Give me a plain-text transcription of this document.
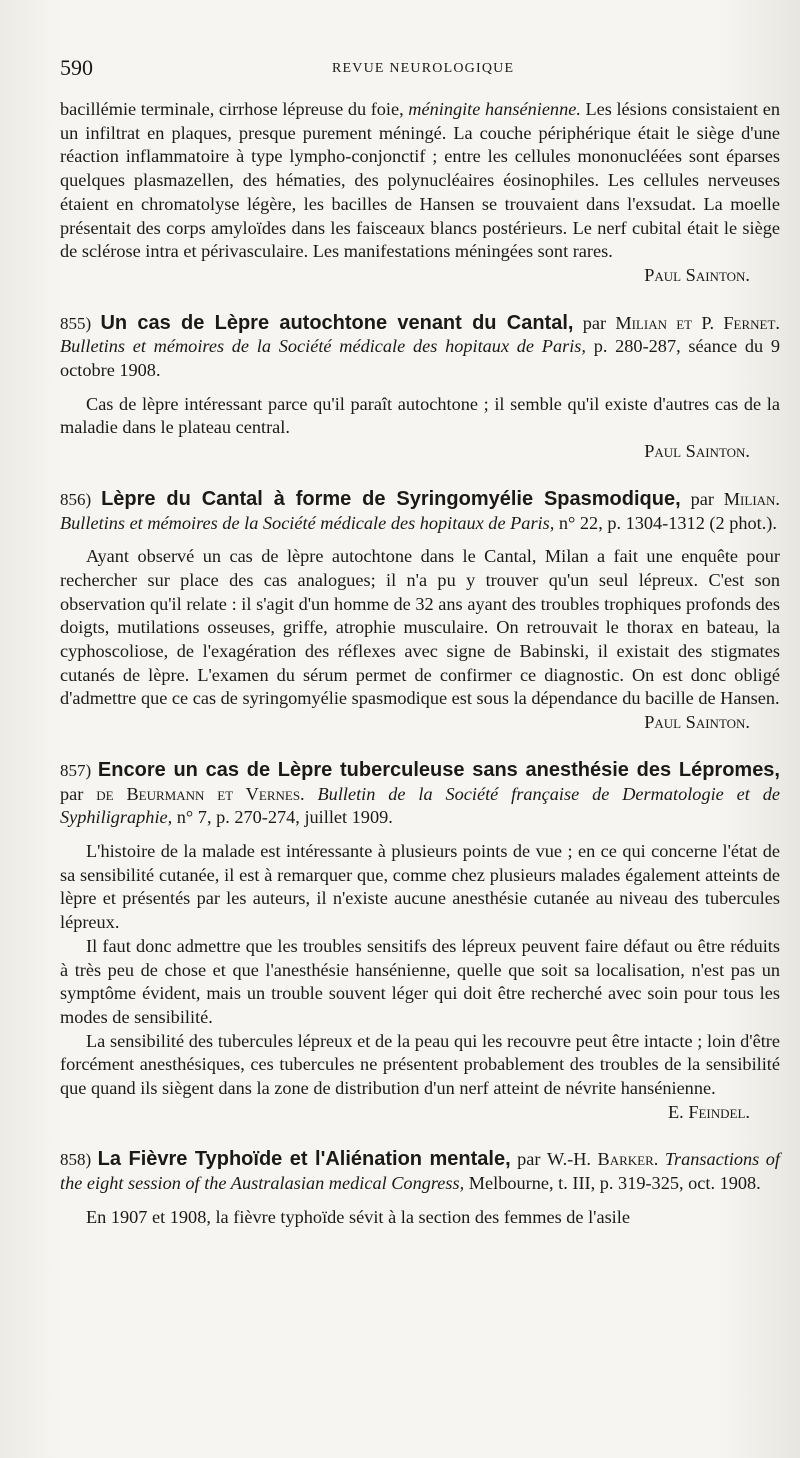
590	REVUE NEUROLOGIQUE

bacillémie terminale, cirrhose lépreuse du foie, méningite hansénienne. Les lésions consistaient en un infiltrat en plaques, presque purement méningé. La couche périphérique était le siège d'une réaction inflammatoire à type lympho-conjonctif ; entre les cellules mononucléées sont éparses quelques plasmazellen, des hématies, des polynucléaires éosinophiles. Les cellules nerveuses étaient en chromatolyse légère, les bacilles de Hansen se trouvaient dans l'exsudat. La moelle présentait des corps amyloïdes dans les faisceaux blancs postérieurs. Le nerf cubital était le siège de sclérose intra et périvasculaire. Les manifestations méningées sont rares.

Paul Sainton.

855) Un cas de Lèpre autochtone venant du Cantal, par Milian et P. Fernet. Bulletins et mémoires de la Société médicale des hopitaux de Paris, p. 280-287, séance du 9 octobre 1908.

Cas de lèpre intéressant parce qu'il paraît autochtone ; il semble qu'il existe d'autres cas de la maladie dans le plateau central.

Paul Sainton.

856) Lèpre du Cantal à forme de Syringomyélie Spasmodique, par Milian. Bulletins et mémoires de la Société médicale des hopitaux de Paris, n° 22, p. 1304-1312 (2 phot.).

Ayant observé un cas de lèpre autochtone dans le Cantal, Milan a fait une enquête pour rechercher sur place des cas analogues; il n'a pu y trouver qu'un seul lépreux. C'est son observation qu'il relate : il s'agit d'un homme de 32 ans ayant des troubles trophiques profonds des doigts, mutilations osseuses, griffe, atrophie musculaire. On retrouvait le thorax en bateau, la cyphoscoliose, de l'exagération des réflexes avec signe de Babinski, il existait des stigmates cutanés de lèpre. L'examen du sérum permet de confirmer ce diagnostic. On est donc obligé d'admettre que ce cas de syringomyélie spasmodique est sous la dépendance du bacille de Hansen.

Paul Sainton.

857) Encore un cas de Lèpre tuberculeuse sans anesthésie des Lépromes, par de Beurmann et Vernes. Bulletin de la Société française de Dermatologie et de Syphiligraphie, n° 7, p. 270-274, juillet 1909.

L'histoire de la malade est intéressante à plusieurs points de vue ; en ce qui concerne l'état de sa sensibilité cutanée, il est à remarquer que, comme chez plusieurs malades également atteints de lèpre et présentés par les auteurs, il n'existe aucune anesthésie cutanée au niveau des tubercules lépreux.

Il faut donc admettre que les troubles sensitifs des lépreux peuvent faire défaut ou être réduits à très peu de chose et que l'anesthésie hansénienne, quelle que soit sa localisation, n'est pas un symptôme évident, mais un trouble souvent léger qui doit être recherché avec soin pour tous les modes de sensibilité.

La sensibilité des tubercules lépreux et de la peau qui les recouvre peut être intacte ; loin d'être forcément anesthésiques, ces tubercules ne présentent probablement des troubles de la sensibilité que quand ils siègent dans la zone de distribution d'un nerf atteint de névrite hansénienne.

E. Feindel.

858) La Fièvre Typhoïde et l'Aliénation mentale, par W.-H. Barker. Transactions of the eight session of the Australasian medical Congress, Melbourne, t. III, p. 319-325, oct. 1908.

En 1907 et 1908, la fièvre typhoïde sévit à la section des femmes de l'asile
